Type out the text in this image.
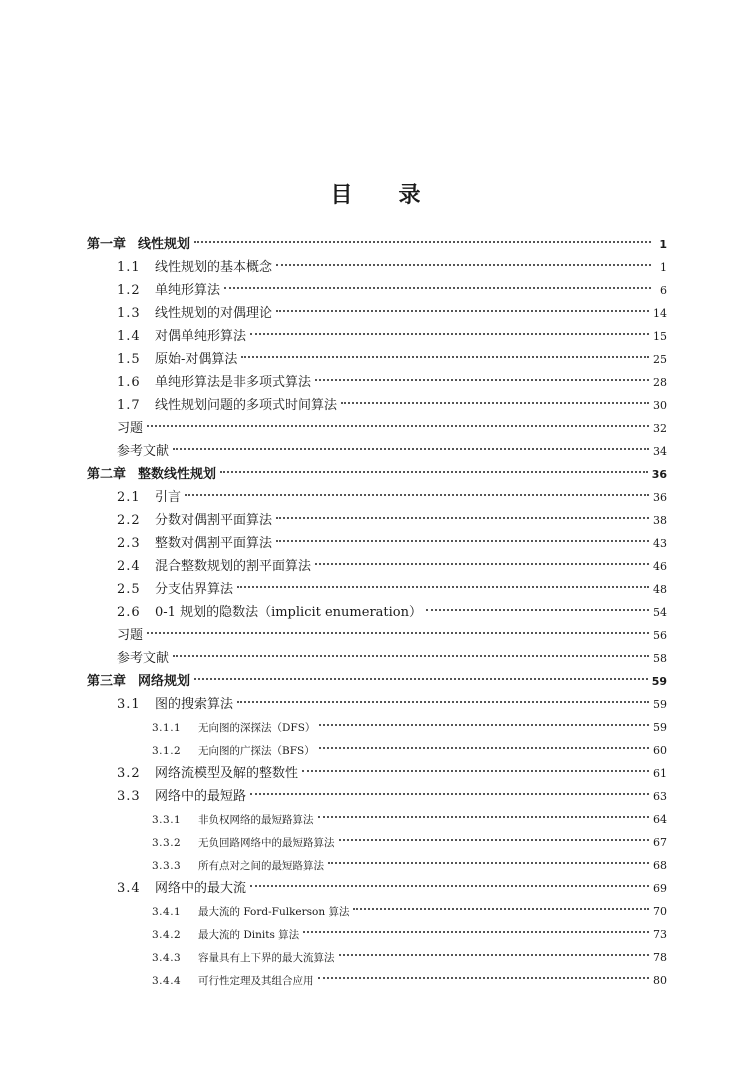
目 录
第一章 线性规划	1
1.1	线性规划的基本概念	1
1.2	单纯形算法	6
1.3	线性规划的对偶理论	14
1.4	对偶单纯形算法	15
1.5	原始-对偶算法	25
1.6	单纯形算法是非多项式算法	28
1.7	线性规划问题的多项式时间算法	30
习题	32
参考文献	34
第二章 整数线性规划	36
2.1	引言	36
2.2	分数对偶割平面算法	38
2.3	整数对偶割平面算法	43
2.4	混合整数规划的割平面算法	46
2.5	分支估界算法	48
2.6	0-1 规划的隐数法（implicit enumeration）	54
习题	56
参考文献	58
第三章 网络规划	59
3.1	图的搜索算法	59
3.1.1	无向图的深探法（DFS）	59
3.1.2	无向图的广探法（BFS）	60
3.2	网络流模型及解的整数性	61
3.3	网络中的最短路	63
3.3.1	非负权网络的最短路算法	64
3.3.2	无负回路网络中的最短路算法	67
3.3.3	所有点对之间的最短路算法	68
3.4	网络中的最大流	69
3.4.1	最大流的 Ford-Fulkerson 算法	70
3.4.2	最大流的 Dinits 算法	73
3.4.3	容量具有上下界的最大流算法	78
3.4.4	可行性定理及其组合应用	80
